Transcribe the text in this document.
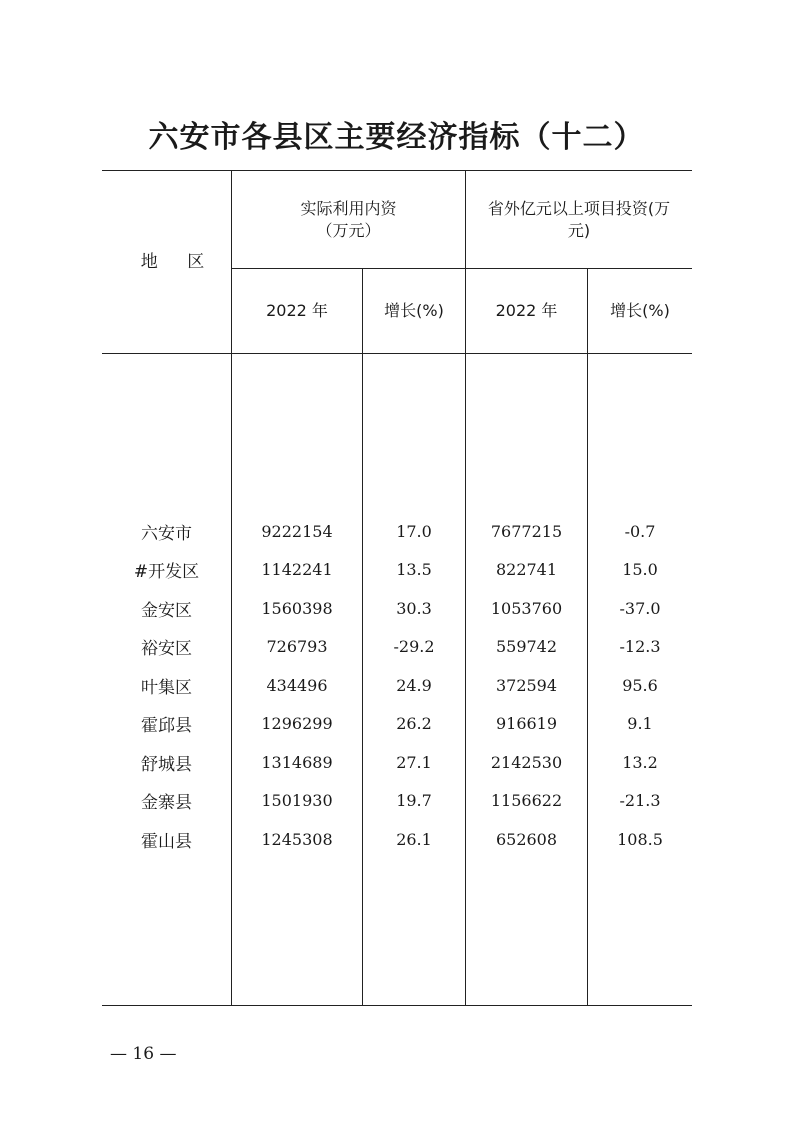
六安市各县区主要经济指标（十二）
地 区
实际利用内资
（万元）
省外亿元以上项目投资(万
元)
2022 年	增长(%)	2022 年	增长(%)
六安市	9222154	17.0	7677215	-0.7
#开发区	1142241	13.5	822741	15.0
金安区	1560398	30.3	1053760	-37.0
裕安区	726793	-29.2	559742	-12.3
叶集区	434496	24.9	372594	95.6
霍邱县	1296299	26.2	916619	9.1
舒城县	1314689	27.1	2142530	13.2
金寨县	1501930	19.7	1156622	-21.3
霍山县	1245308	26.1	652608	108.5
— 16 —
